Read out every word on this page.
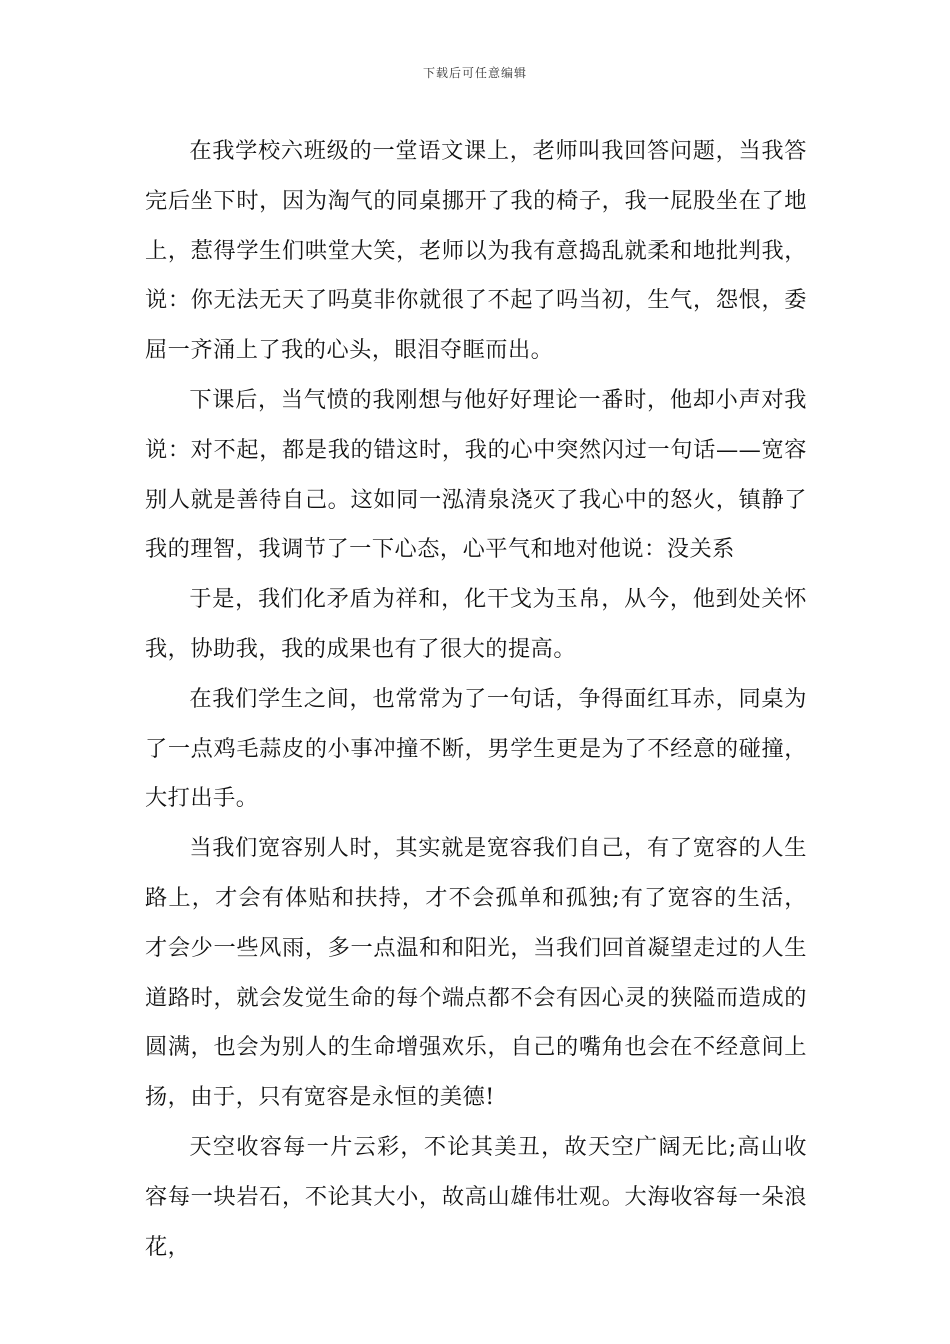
下载后可任意编辑

在我学校六班级的一堂语文课上，老师叫我回答问题，当我答完后坐下时，因为淘气的同桌挪开了我的椅子，我一屁股坐在了地上，惹得学生们哄堂大笑，老师以为我有意捣乱就柔和地批判我，说：你无法无天了吗莫非你就很了不起了吗当初，生气，怨恨，委屈一齐涌上了我的心头，眼泪夺眶而出。

下课后，当气愤的我刚想与他好好理论一番时，他却小声对我说：对不起，都是我的错这时，我的心中突然闪过一句话——宽容别人就是善待自己。这如同一泓清泉浇灭了我心中的怒火，镇静了我的理智，我调节了一下心态，心平气和地对他说：没关系

于是，我们化矛盾为祥和，化干戈为玉帛，从今，他到处关怀我，协助我，我的成果也有了很大的提高。

在我们学生之间，也常常为了一句话，争得面红耳赤，同桌为了一点鸡毛蒜皮的小事冲撞不断，男学生更是为了不经意的碰撞，大打出手。

当我们宽容别人时，其实就是宽容我们自己，有了宽容的人生路上，才会有体贴和扶持，才不会孤单和孤独;有了宽容的生活，才会少一些风雨，多一点温和和阳光，当我们回首凝望走过的人生道路时，就会发觉生命的每个端点都不会有因心灵的狭隘而造成的圆满，也会为别人的生命增强欢乐，自己的嘴角也会在不经意间上扬，由于，只有宽容是永恒的美德!

天空收容每一片云彩，不论其美丑，故天空广阔无比;高山收容每一块岩石，不论其大小，故高山雄伟壮观。大海收容每一朵浪花，
